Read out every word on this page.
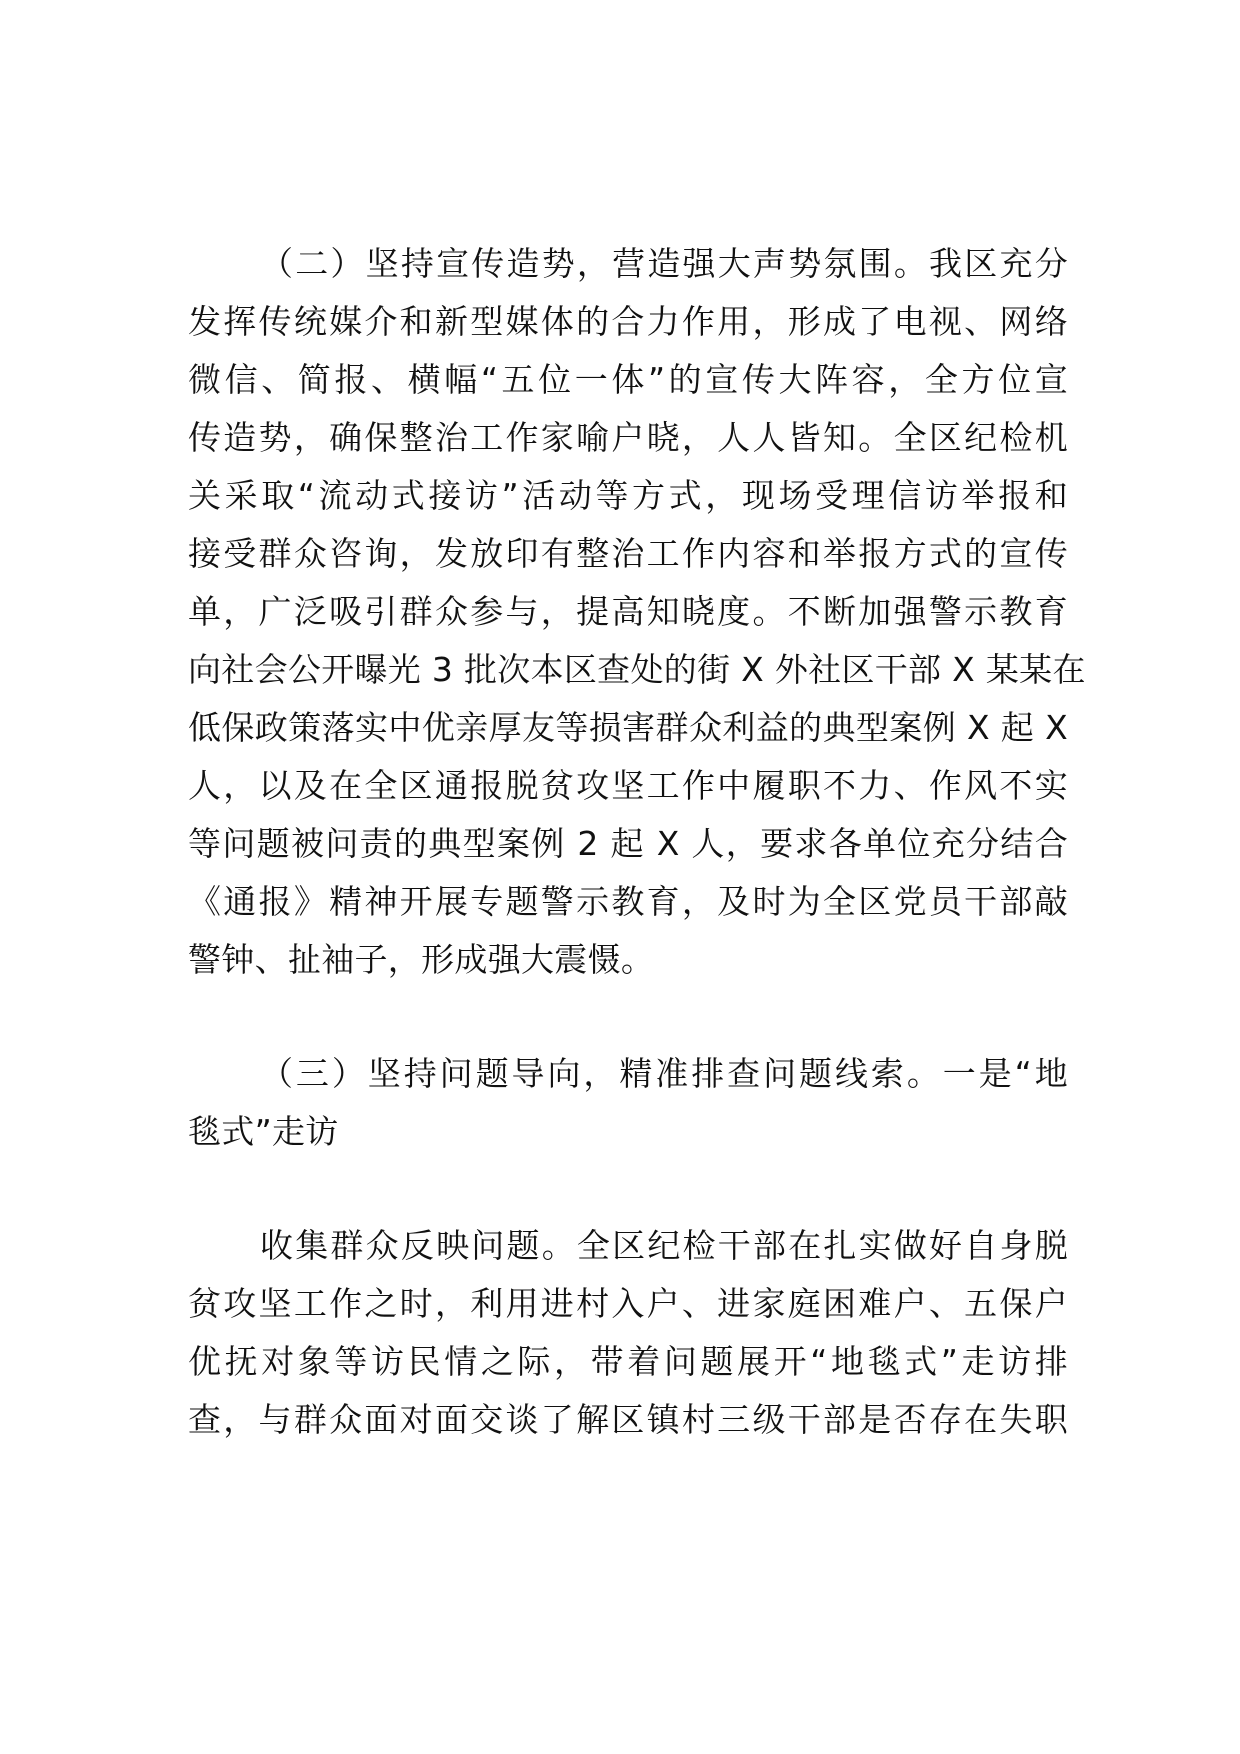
（二）坚持宣传造势，营造强大声势氛围。我区充分
发挥传统媒介和新型媒体的合力作用，形成了电视、网络
微信、简报、横幅“五位一体”的宣传大阵容，全方位宣
传造势，确保整治工作家喻户晓，人人皆知。全区纪检机
关采取“流动式接访”活动等方式，现场受理信访举报和
接受群众咨询，发放印有整治工作内容和举报方式的宣传
单，广泛吸引群众参与，提高知晓度。不断加强警示教育
向社会公开曝光 3 批次本区查处的街 X 外社区干部 X 某某在
低保政策落实中优亲厚友等损害群众利益的典型案例 X 起 X
人，以及在全区通报脱贫攻坚工作中履职不力、作风不实
等问题被问责的典型案例 2 起 X 人，要求各单位充分结合
《通报》精神开展专题警示教育，及时为全区党员干部敲
警钟、扯袖子，形成强大震慑。
（三）坚持问题导向，精准排查问题线索。一是“地
毯式”走访
收集群众反映问题。全区纪检干部在扎实做好自身脱
贫攻坚工作之时，利用进村入户、进家庭困难户、五保户
优抚对象等访民情之际，带着问题展开“地毯式”走访排
查，与群众面对面交谈了解区镇村三级干部是否存在失职
